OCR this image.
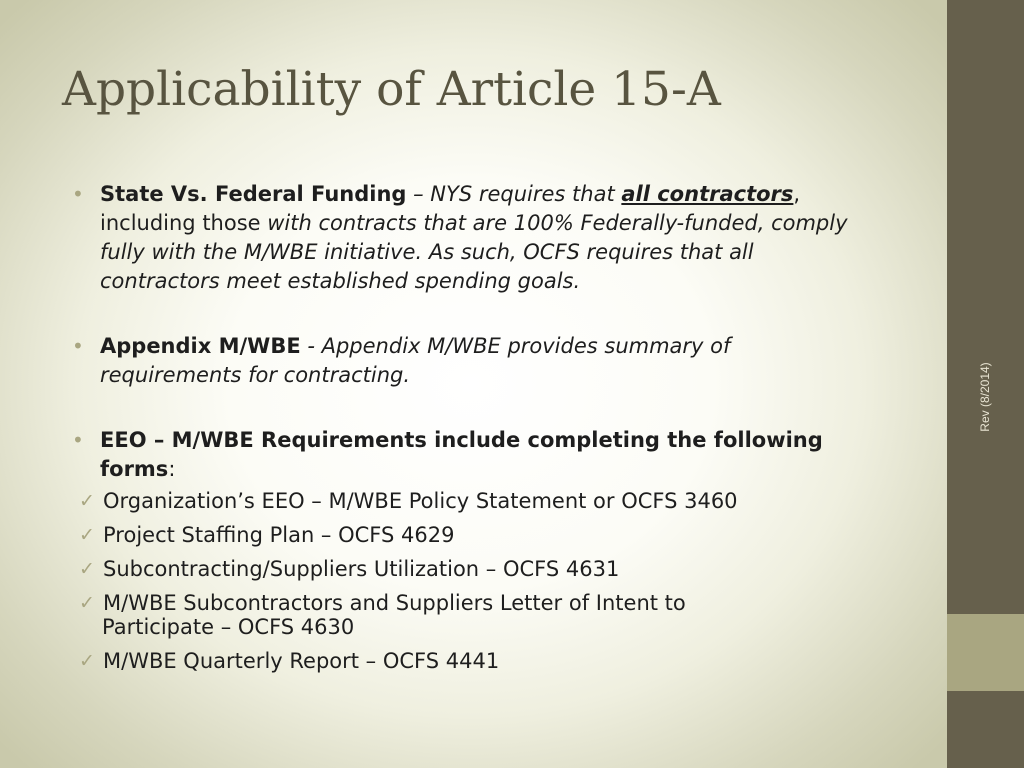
Rev (8/2014)
Applicability of Article 15-A
• State Vs. Federal Funding – NYS requires that all contractors, including those with contracts that are 100% Federally-funded, comply fully with the M/WBE initiative. As such, OCFS requires that all contractors meet established spending goals.
• Appendix M/WBE - Appendix M/WBE provides summary of requirements for contracting.
• EEO – M/WBE Requirements include completing the following forms:
✓ Organization’s EEO – M/WBE Policy Statement or OCFS 3460
✓ Project Staffing Plan – OCFS 4629
✓ Subcontracting/Suppliers Utilization – OCFS 4631
✓ M/WBE Subcontractors and Suppliers Letter of Intent to
Participate – OCFS 4630
✓ M/WBE Quarterly Report – OCFS 4441
